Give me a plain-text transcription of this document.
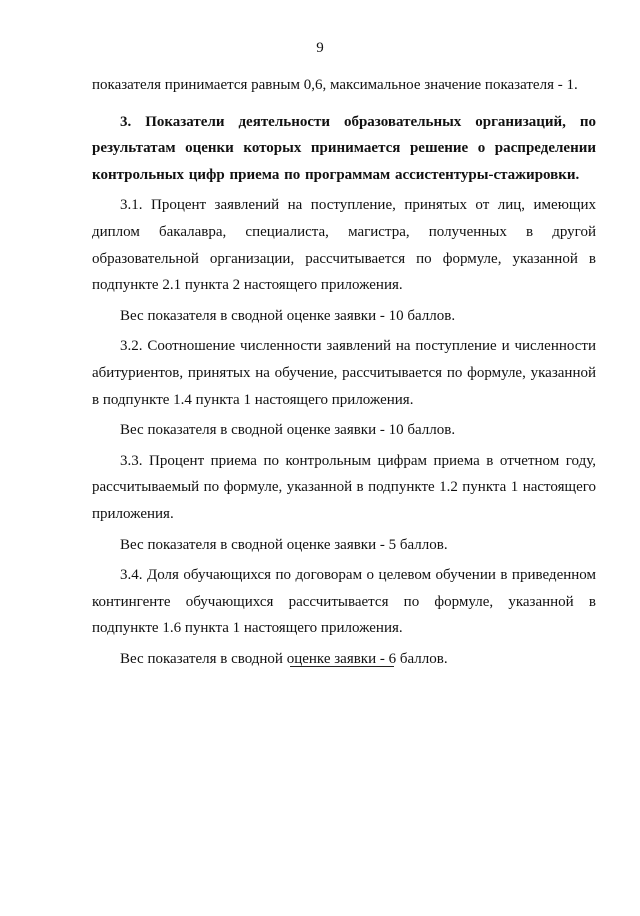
9

показателя принимается равным 0,6, максимальное значение показателя - 1.

3. Показатели деятельности образовательных организаций, по результатам оценки которых принимается решение о распределении контрольных цифр приема по программам ассистентуры-стажировки.

3.1. Процент заявлений на поступление, принятых от лиц, имеющих диплом бакалавра, специалиста, магистра, полученных в другой образовательной организации, рассчитывается по формуле, указанной в подпункте 2.1 пункта 2 настоящего приложения.

Вес показателя в сводной оценке заявки - 10 баллов.

3.2. Соотношение численности заявлений на поступление и численности абитуриентов, принятых на обучение, рассчитывается по формуле, указанной в подпункте 1.4 пункта 1 настоящего приложения.

Вес показателя в сводной оценке заявки - 10 баллов.

3.3. Процент приема по контрольным цифрам приема в отчетном году, рассчитываемый по формуле, указанной в подпункте 1.2 пункта 1 настоящего приложения.

Вес показателя в сводной оценке заявки - 5 баллов.

3.4. Доля обучающихся по договорам о целевом обучении в приведенном контингенте обучающихся рассчитывается по формуле, указанной в подпункте 1.6 пункта 1 настоящего приложения.

Вес показателя в сводной оценке заявки - 6 баллов.
